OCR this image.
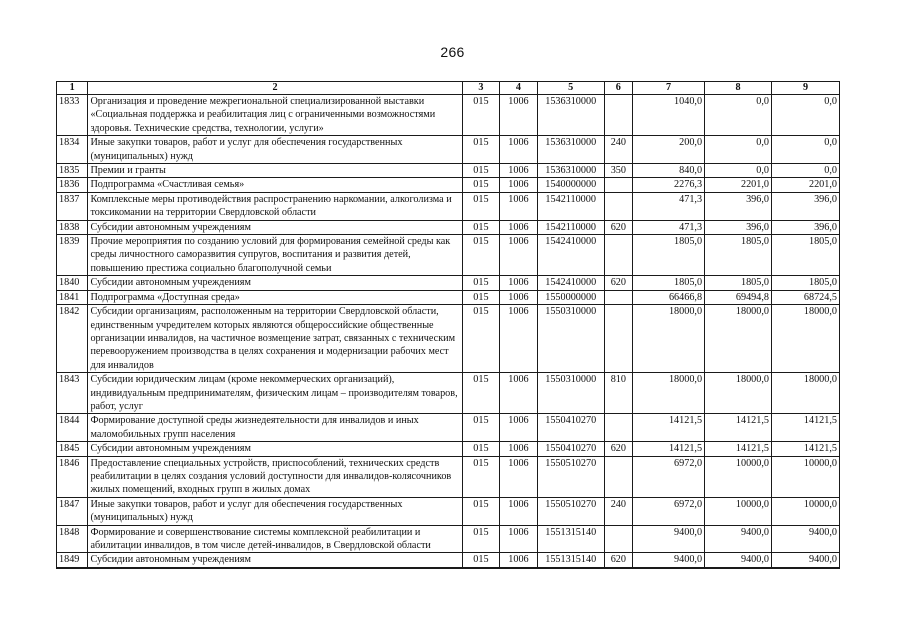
266
1	2	3	4	5	6	7	8	9
1833	Организация и проведение межрегиональной специализированной выставки «Социальная поддержка и реабилитация лиц с ограниченными возможностями здоровья. Технические средства, технологии, услуги»	015	1006	1536310000		1040,0	0,0	0,0
1834	Иные закупки товаров, работ и услуг для обеспечения государственных (муниципальных) нужд	015	1006	1536310000	240	200,0	0,0	0,0
1835	Премии и гранты	015	1006	1536310000	350	840,0	0,0	0,0
1836	Подпрограмма «Счастливая семья»	015	1006	1540000000		2276,3	2201,0	2201,0
1837	Комплексные меры противодействия распространению наркомании, алкоголизма и токсикомании на территории Свердловской области	015	1006	1542110000		471,3	396,0	396,0
1838	Субсидии автономным учреждениям	015	1006	1542110000	620	471,3	396,0	396,0
1839	Прочие мероприятия по созданию условий для формирования семейной среды как среды личностного саморазвития супругов, воспитания и развития детей, повышению престижа социально благополучной семьи	015	1006	1542410000		1805,0	1805,0	1805,0
1840	Субсидии автономным учреждениям	015	1006	1542410000	620	1805,0	1805,0	1805,0
1841	Подпрограмма «Доступная среда»	015	1006	1550000000		66466,8	69494,8	68724,5
1842	Субсидии организациям, расположенным на территории Свердловской области, единственным учредителем которых являются общероссийские общественные организации инвалидов, на частичное возмещение затрат, связанных с техническим перевооружением производства в целях сохранения и модернизации рабочих мест для инвалидов	015	1006	1550310000		18000,0	18000,0	18000,0
1843	Субсидии юридическим лицам (кроме некоммерческих организаций), индивидуальным предпринимателям, физическим лицам – производителям товаров, работ, услуг	015	1006	1550310000	810	18000,0	18000,0	18000,0
1844	Формирование доступной среды жизнедеятельности для инвалидов и иных маломобильных групп населения	015	1006	1550410270		14121,5	14121,5	14121,5
1845	Субсидии автономным учреждениям	015	1006	1550410270	620	14121,5	14121,5	14121,5
1846	Предоставление специальных устройств, приспособлений, технических средств реабилитации в целях создания условий доступности для инвалидов-колясочников жилых помещений, входных групп в жилых домах	015	1006	1550510270		6972,0	10000,0	10000,0
1847	Иные закупки товаров, работ и услуг для обеспечения государственных (муниципальных) нужд	015	1006	1550510270	240	6972,0	10000,0	10000,0
1848	Формирование и совершенствование системы комплексной реабилитации и абилитации инвалидов, в том числе детей-инвалидов, в Свердловской области	015	1006	1551315140		9400,0	9400,0	9400,0
1849	Субсидии автономным учреждениям	015	1006	1551315140	620	9400,0	9400,0	9400,0
